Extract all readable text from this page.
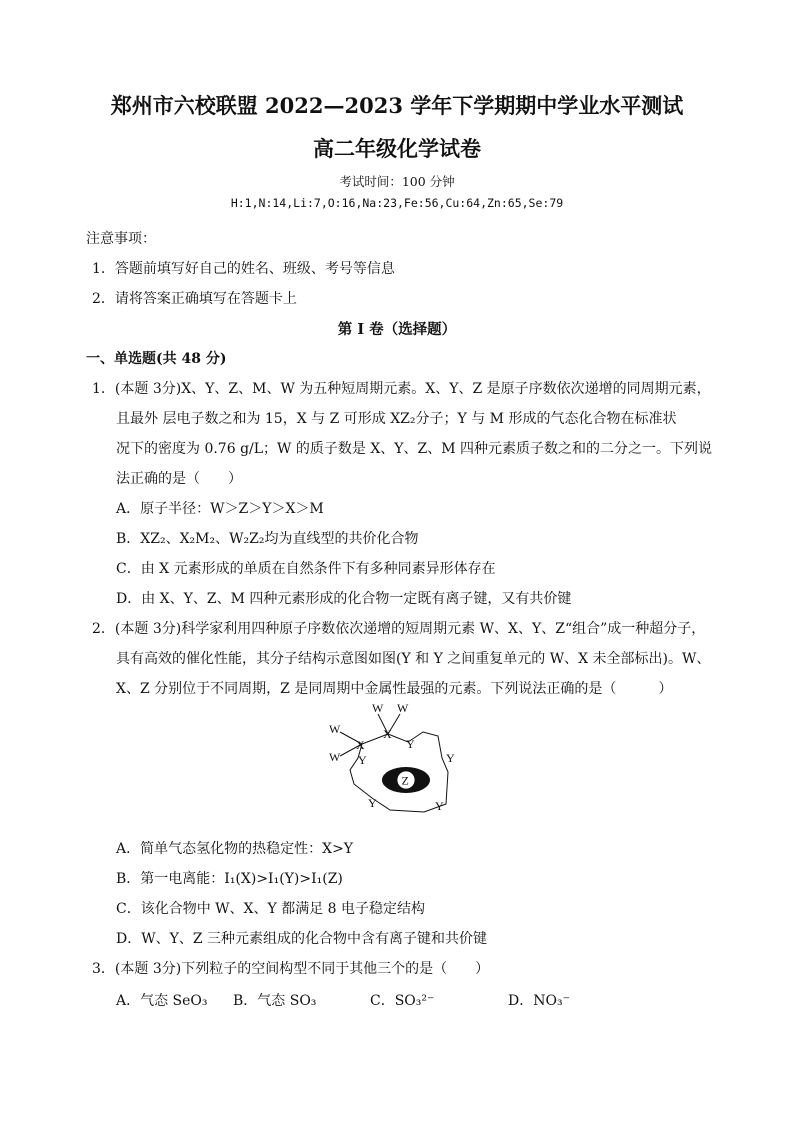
郑州市六校联盟 2022—2023 学年下学期期中学业水平测试
高二年级化学试卷
考试时间：100 分钟
H:1,N:14,Li:7,O:16,Na:23,Fe:56,Cu:64,Zn:65,Se:79
注意事项：
1．答题前填写好自己的姓名、班级、考号等信息
2．请将答案正确填写在答题卡上
第 I 卷（选择题）
一、单选题(共 48 分)
1．(本题 3分)X、Y、Z、M、W 为五种短周期元素。X、Y、Z 是原子序数依次递增的同周期元素，
且最外 层电子数之和为 15，X 与 Z 可形成 XZ₂分子；Y 与 M 形成的气态化合物在标准状
况下的密度为 0.76 g/L；W 的质子数是 X、Y、Z、M 四种元素质子数之和的二分之一。下列说
法正确的是（　　）
A．原子半径：W＞Z＞Y＞X＞M
B．XZ₂、X₂M₂、W₂Z₂均为直线型的共价化合物
C．由 X 元素形成的单质在自然条件下有多种同素异形体存在
D．由 X、Y、Z、M 四种元素形成的化合物一定既有离子键，又有共价键
2．(本题 3分)科学家利用四种原子序数依次递增的短周期元素 W、X、Y、Z“组合”成一种超分子，
具有高效的催化性能，其分子结构示意图如图(Y 和 Y 之间重复单元的 W、X 未全部标出)。W、
X、Z 分别位于不同周期，Z 是同周期中金属性最强的元素。下列说法正确的是（　　　）
W W
W
W
X
X	Y
Y	Y
Y	Y
Z
A．简单气态氢化物的热稳定性：X>Y
B．第一电离能：I₁(X)>I₁(Y)>I₁(Z)
C．该化合物中 W、X、Y 都满足 8 电子稳定结构
D．W、Y、Z 三种元素组成的化合物中含有离子键和共价键
3．(本题 3分)下列粒子的空间构型不同于其他三个的是（　　）
A．气态 SeO₃ B．气态 SO₃	C．SO₃²⁻	D．NO₃⁻
